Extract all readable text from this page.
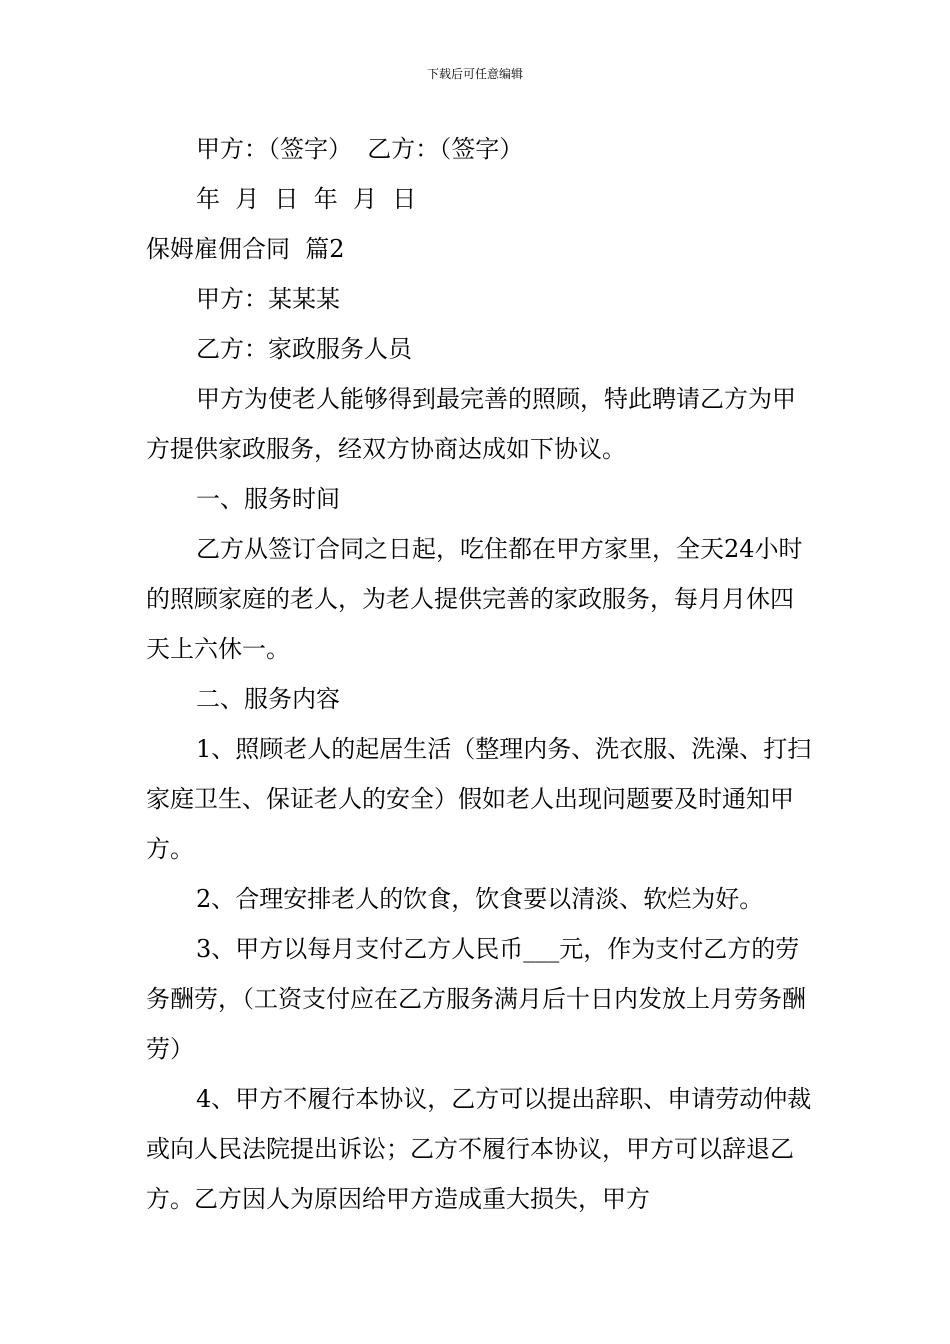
下载后可任意编辑

甲方：（签字）  乙方：（签字）

年  月  日  年  月  日

保姆雇佣合同  篇2

甲方：某某某

乙方：家政服务人员

甲方为使老人能够得到最完善的照顾，特此聘请乙方为甲方提供家政服务，经双方协商达成如下协议。

一、服务时间

乙方从签订合同之日起，吃住都在甲方家里，全天24小时的照顾家庭的老人，为老人提供完善的家政服务，每月月休四天上六休一。

二、服务内容

1、照顾老人的起居生活（整理内务、洗衣服、洗澡、打扫家庭卫生、保证老人的安全）假如老人出现问题要及时通知甲方。

2、合理安排老人的饮食，饮食要以清淡、软烂为好。

3、甲方以每月支付乙方人民币___元，作为支付乙方的劳务酬劳，（工资支付应在乙方服务满月后十日内发放上月劳务酬劳）

4、甲方不履行本协议，乙方可以提出辞职、申请劳动仲裁或向人民法院提出诉讼；乙方不履行本协议，甲方可以辞退乙方。乙方因人为原因给甲方造成重大损失，甲方
